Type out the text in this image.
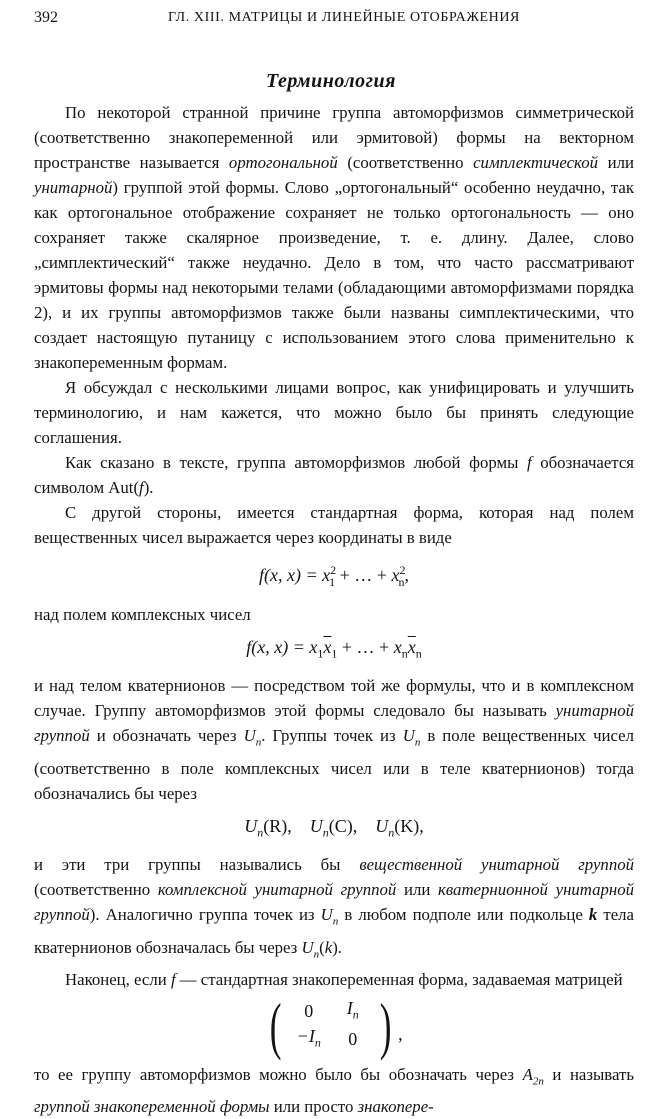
392	ГЛ. XIII. МАТРИЦЫ И ЛИНЕЙНЫЕ ОТОБРАЖЕНИЯ
Терминология

По некоторой странной причине группа автоморфизмов симметрической (соответственно знакопеременной или эрмитовой) формы на векторном пространстве называется ортогональной (соответственно симплектической или унитарной) группой этой формы. Слово „ортогональный“ особенно неудачно, так как ортогональное отображение сохраняет не только ортогональность — оно сохраняет также скалярное произведение, т. е. длину. Далее, слово „симплектический“ также неудачно. Дело в том, что часто рассматривают эрмитовы формы над некоторыми телами (обладающими автоморфизмами порядка 2), и их группы автоморфизмов также были названы симплектическими, что создает настоящую путаницу с использованием этого слова применительно к знакопеременным формам.

Я обсуждал с несколькими лицами вопрос, как унифицировать и улучшить терминологию, и нам кажется, что можно было бы принять следующие соглашения.

Как сказано в тексте, группа автоморфизмов любой формы f обозначается символом Aut(f).

С другой стороны, имеется стандартная форма, которая над полем вещественных чисел выражается через координаты в виде

f(x, $x) = x^2_1$ + … + $x^2_n$,

над полем комплексных чисел

f(x, $x) = x_1\overline{x}_1$ + … + $x_n\overline{x}_n$

и над телом кватернионов — посредством той же формулы, что и в комплексном случае. Группу автоморфизмов этой формы следовало бы называть унитарной группой и обозначать через $U_n$. Группы точек из $U_n$ в поле вещественных чисел (соответственно в поле комплексных чисел или в теле кватернионов) тогда обозначались бы через

$U_n(R)$, $U_n(C)$, $U_n(K)$,

и эти три группы назывались бы вещественной унитарной группой (соответственно комплексной унитарной группой или кватернионной унитарной группой). Аналогично группа точек из $U_n$ в любом подполе или подкольце k тела кватернионов обозначалась бы через $U_n(k)$.

Наконец, если f — стандартная знакопеременная форма, задаваемая матрицей

( 0 $I_n$
$-I_n$ 0 ) ,

то ее группу автоморфизмов можно было бы обозначать через $A_{2n}$ и называть группой знакопеременной формы или просто знакопере-
